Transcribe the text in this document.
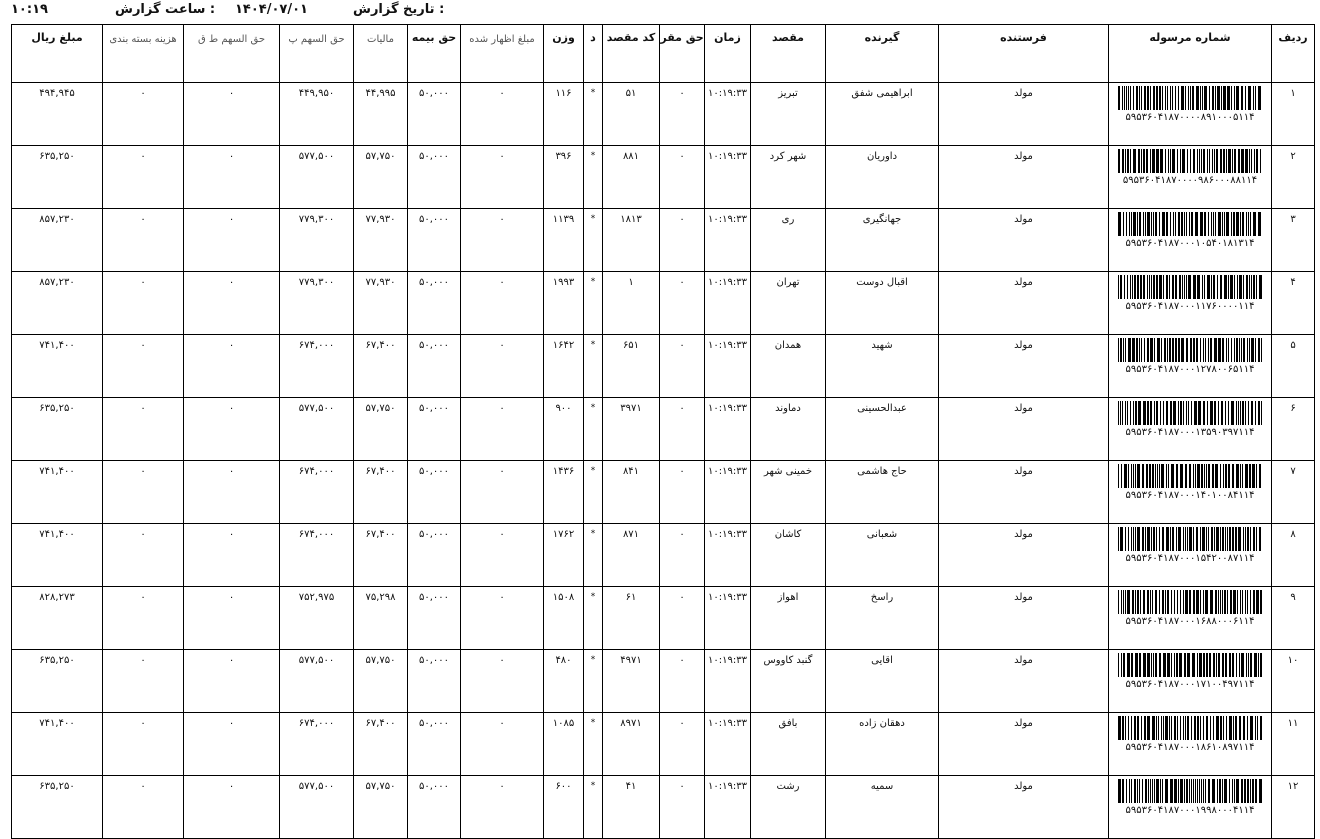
تاریخ گزارش :
۱۴۰۴/۰۷/۰۱
ساعت گزارش :
۱۰:۱۹
ردیف	شماره مرسوله	فرستنده	گیرنده	مقصد	زمان	حق مقر	کد مقصد	د	وزن	مبلغ اظهار شده	حق بیمه	مالیات	حق السهم پ	حق السهم ط ق	هزینه بسته بندی	مبلغ ریال
۱	۵۹۵۳۶۰۴۱۸۷۰۰۰۰۸۹۱۰۰۰۵۱۱۴	مولد	ابراهیمی شفق	تبریز	۱۰:۱۹:۳۳	۰	۵۱	*	۱۱۶	۰	۵۰,۰۰۰	۴۴,۹۹۵	۴۴۹,۹۵۰	۰	۰	۴۹۴,۹۴۵
۲	۵۹۵۳۶۰۴۱۸۷۰۰۰۰۹۸۶۰۰۰۸۸۱۱۴	مولد	داوریان	شهر کرد	۱۰:۱۹:۳۳	۰	۸۸۱	*	۳۹۶	۰	۵۰,۰۰۰	۵۷,۷۵۰	۵۷۷,۵۰۰	۰	۰	۶۳۵,۲۵۰
۳	۵۹۵۳۶۰۴۱۸۷۰۰۰۱۰۵۴۰۱۸۱۳۱۴	مولد	جهانگیری	ری	۱۰:۱۹:۳۳	۰	۱۸۱۳	*	۱۱۳۹	۰	۵۰,۰۰۰	۷۷,۹۳۰	۷۷۹,۳۰۰	۰	۰	۸۵۷,۲۳۰
۴	۵۹۵۳۶۰۴۱۸۷۰۰۰۱۱۷۶۰۰۰۰۱۱۴	مولد	اقبال دوست	تهران	۱۰:۱۹:۳۳	۰	۱	*	۱۹۹۳	۰	۵۰,۰۰۰	۷۷,۹۳۰	۷۷۹,۳۰۰	۰	۰	۸۵۷,۲۳۰
۵	۵۹۵۳۶۰۴۱۸۷۰۰۰۱۲۷۸۰۰۶۵۱۱۴	مولد	شهید	همدان	۱۰:۱۹:۳۳	۰	۶۵۱	*	۱۶۴۲	۰	۵۰,۰۰۰	۶۷,۴۰۰	۶۷۴,۰۰۰	۰	۰	۷۴۱,۴۰۰
۶	۵۹۵۳۶۰۴۱۸۷۰۰۰۱۳۵۹۰۳۹۷۱۱۴	مولد	عبدالحسینی	دماوند	۱۰:۱۹:۳۳	۰	۳۹۷۱	*	۹۰۰	۰	۵۰,۰۰۰	۵۷,۷۵۰	۵۷۷,۵۰۰	۰	۰	۶۳۵,۲۵۰
۷	۵۹۵۳۶۰۴۱۸۷۰۰۰۱۴۰۱۰۰۸۴۱۱۴	مولد	حاج هاشمی	خمینی شهر	۱۰:۱۹:۳۳	۰	۸۴۱	*	۱۴۳۶	۰	۵۰,۰۰۰	۶۷,۴۰۰	۶۷۴,۰۰۰	۰	۰	۷۴۱,۴۰۰
۸	۵۹۵۳۶۰۴۱۸۷۰۰۰۱۵۴۲۰۰۸۷۱۱۴	مولد	شعبانی	کاشان	۱۰:۱۹:۳۳	۰	۸۷۱	*	۱۷۶۲	۰	۵۰,۰۰۰	۶۷,۴۰۰	۶۷۴,۰۰۰	۰	۰	۷۴۱,۴۰۰
۹	۵۹۵۳۶۰۴۱۸۷۰۰۰۱۶۸۸۰۰۰۶۱۱۴	مولد	راسخ	اهواز	۱۰:۱۹:۳۳	۰	۶۱	*	۱۵۰۸	۰	۵۰,۰۰۰	۷۵,۲۹۸	۷۵۲,۹۷۵	۰	۰	۸۲۸,۲۷۳
۱۰	۵۹۵۳۶۰۴۱۸۷۰۰۰۱۷۱۰۰۴۹۷۱۱۴	مولد	اقایی	گنبد کاووس	۱۰:۱۹:۳۳	۰	۴۹۷۱	*	۴۸۰	۰	۵۰,۰۰۰	۵۷,۷۵۰	۵۷۷,۵۰۰	۰	۰	۶۳۵,۲۵۰
۱۱	۵۹۵۳۶۰۴۱۸۷۰۰۰۱۸۶۱۰۸۹۷۱۱۴	مولد	دهقان زاده	بافق	۱۰:۱۹:۳۳	۰	۸۹۷۱	*	۱۰۸۵	۰	۵۰,۰۰۰	۶۷,۴۰۰	۶۷۴,۰۰۰	۰	۰	۷۴۱,۴۰۰
۱۲	۵۹۵۳۶۰۴۱۸۷۰۰۰۱۹۹۸۰۰۰۴۱۱۴	مولد	سمیه	رشت	۱۰:۱۹:۳۳	۰	۴۱	*	۶۰۰	۰	۵۰,۰۰۰	۵۷,۷۵۰	۵۷۷,۵۰۰	۰	۰	۶۳۵,۲۵۰
